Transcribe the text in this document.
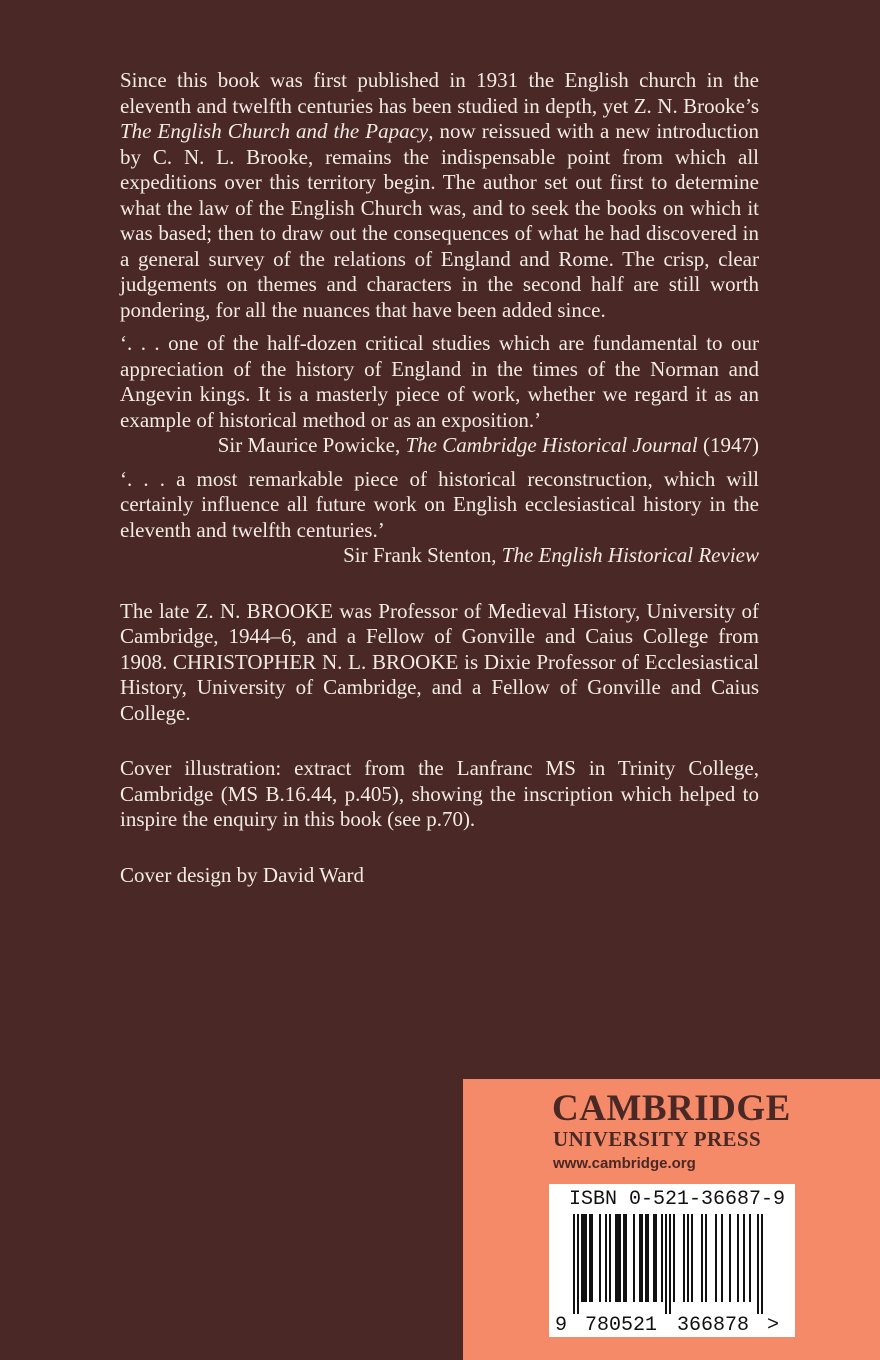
Since this book was first published in 1931 the English church in the eleventh and twelfth centuries has been studied in depth, yet Z. N. Brooke’s The English Church and the Papacy, now reissued with a new introduction by C. N. L. Brooke, remains the indispensable point from which all expeditions over this territory begin. The author set out first to determine what the law of the English Church was, and to seek the books on which it was based; then to draw out the consequences of what he had discovered in a general survey of the relations of England and Rome. The crisp, clear judgements on themes and characters in the second half are still worth pondering, for all the nuances that have been added since.

‘. . . one of the half-dozen critical studies which are fundamental to our appreciation of the history of England in the times of the Norman and Angevin kings. It is a masterly piece of work, whether we regard it as an example of historical method or as an exposition.’

Sir Maurice Powicke, The Cambridge Historical Journal (1947)

‘. . . a most remarkable piece of historical reconstruction, which will certainly influence all future work on English ecclesiastical history in the eleventh and twelfth centuries.’

Sir Frank Stenton, The English Historical Review

The late Z. N. BROOKE was Professor of Medieval History, University of Cambridge, 1944–6, and a Fellow of Gonville and Caius College from 1908. CHRISTOPHER N. L. BROOKE is Dixie Professor of Ecclesiastical History, University of Cambridge, and a Fellow of Gonville and Caius College.

Cover illustration: extract from the Lanfranc MS in Trinity College, Cambridge (MS B.16.44, p.405), showing the inscription which helped to inspire the enquiry in this book (see p.70).

Cover design by David Ward

CAMBRIDGE
UNIVERSITY PRESS
www.cambridge.org
ISBN 0-521-36687-9
9 780521 366878 >
